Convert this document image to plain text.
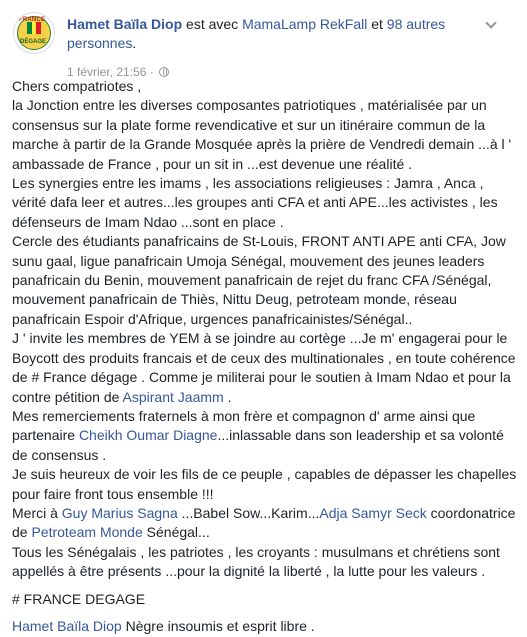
FRANCE
DÉGAGE
Hamet Baïla Diop est avec MamaLamp RekFall et 98 autres personnes.
1 février, 21:56 ·

Chers compatriotes ,

la Jonction entre les diverses composantes patriotiques , matérialisée par un consensus sur la plate forme revendicative et sur un itinéraire commun de la marche à partir de la Grande Mosquée après la prière de Vendredi demain ...à l ' ambassade de France , pour un sit in ...est devenue une réalité .

Les synergies entre les imams , les associations religieuses : Jamra , Anca , vérité dafa leer et autres...les groupes anti CFA et anti APE...les activistes , les défenseurs de Imam Ndao ...sont en place .

Cercle des étudiants panafricains de St-Louis, FRONT ANTI APE anti CFA, Jow sunu gaal, ligue panafricain Umoja Sénégal, mouvement des jeunes leaders panafricain du Benin, mouvement panafricain de rejet du franc CFA /Sénégal, mouvement panafricain de Thiès, Nittu Deug, petroteam monde, réseau panafricain Espoir d'Afrique, urgences panafricainistes/Sénégal..

J ' invite les membres de YEM à se joindre au cortège ...Je m' engagerai pour le Boycott des produits francais et de ceux des multinationales , en toute cohérence de # France dégage . Comme je militerai pour le soutien à Imam Ndao et pour la contre pétition de Aspirant Jaamm .

Mes remerciements fraternels à mon frère et compagnon d' arme ainsi que partenaire Cheikh Oumar Diagne...inlassable dans son leadership et sa volonté de consensus .

Je suis heureux de voir les fils de ce peuple , capables de dépasser les chapelles pour faire front tous ensemble !!!

Merci à Guy Marius Sagna ...Babel Sow...Karim...Adja Samyr Seck coordonatrice de Petroteam Monde Sénégal...

Tous les Sénégalais , les patriotes , les croyants : musulmans et chrétiens sont appellés à être présents ...pour la dignité la liberté , la lutte pour les valeurs .

# FRANCE DEGAGE

Hamet Baïla Diop Nègre insoumis et esprit libre .
